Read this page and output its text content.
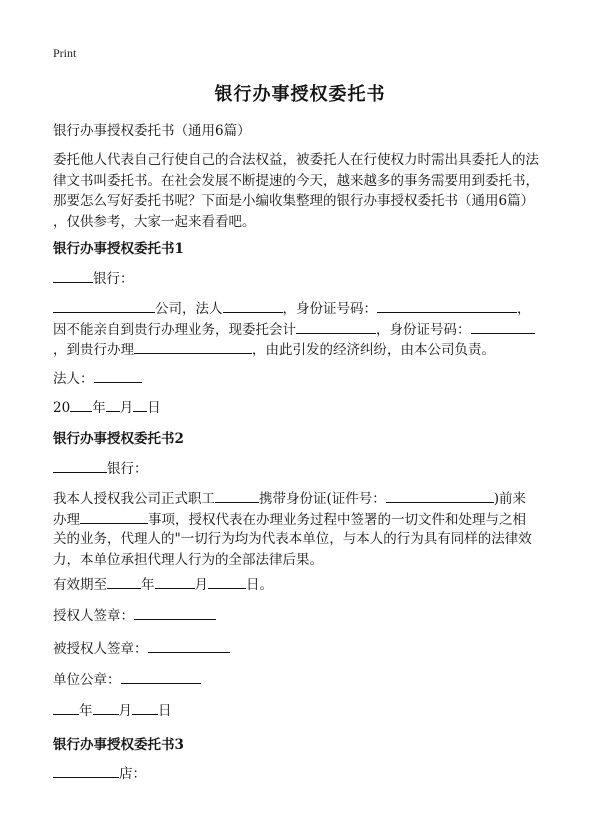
Print
银行办事授权委托书

银行办事授权委托书（通用6篇）

委托他人代表自己行使自己的合法权益，被委托人在行使权力时需出具委托人的法

律文书叫委托书。在社会发展不断提速的今天，越来越多的事务需要用到委托书，

那要怎么写好委托书呢？下面是小编收集整理的银行办事授权委托书（通用6篇）

，仅供参考，大家一起来看看吧。

银行办事授权委托书1

银行：

公司，法人	，身份证号码：	，

因不能亲自到贵行办理业务，现委托会计	，身份证号码：

，到贵行办理	，由此引发的经济纠纷，由本公司负责。

法人：

20 年 月 日

银行办事授权委托书2

银行：

我本人授权我公司正式职工	携带身份证(证件号：	)前来

办理	事项，授权代表在办理业务过程中签署的一切文件和处理与之相

关的业务，代理人的"一切行为均为代表本单位，与本人的行为具有同样的法律效

力，本单位承担代理人行为的全部法律后果。

有效期至	年	月	日。

授权人签章：

被授权人签章：

单位公章：

年 月 日

银行办事授权委托书3

店：
